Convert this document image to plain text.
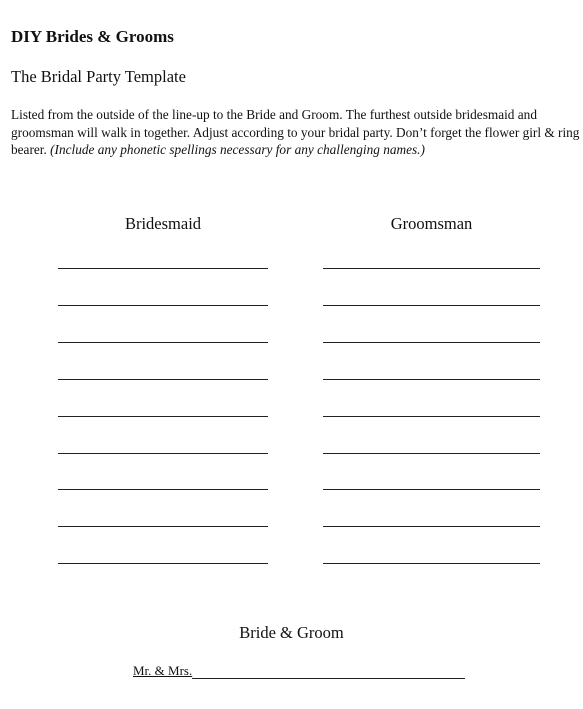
DIY Brides & Grooms
The Bridal Party Template

Listed from the outside of the line-up to the Bride and Groom. The furthest outside bridesmaid and groomsman will walk in together. Adjust according to your bridal party. Don’t forget the flower girl & ring bearer. (Include any phonetic spellings necessary for any challenging names.)

Bridesmaid	Groomsman
Bride & Groom
Mr. & Mrs.
